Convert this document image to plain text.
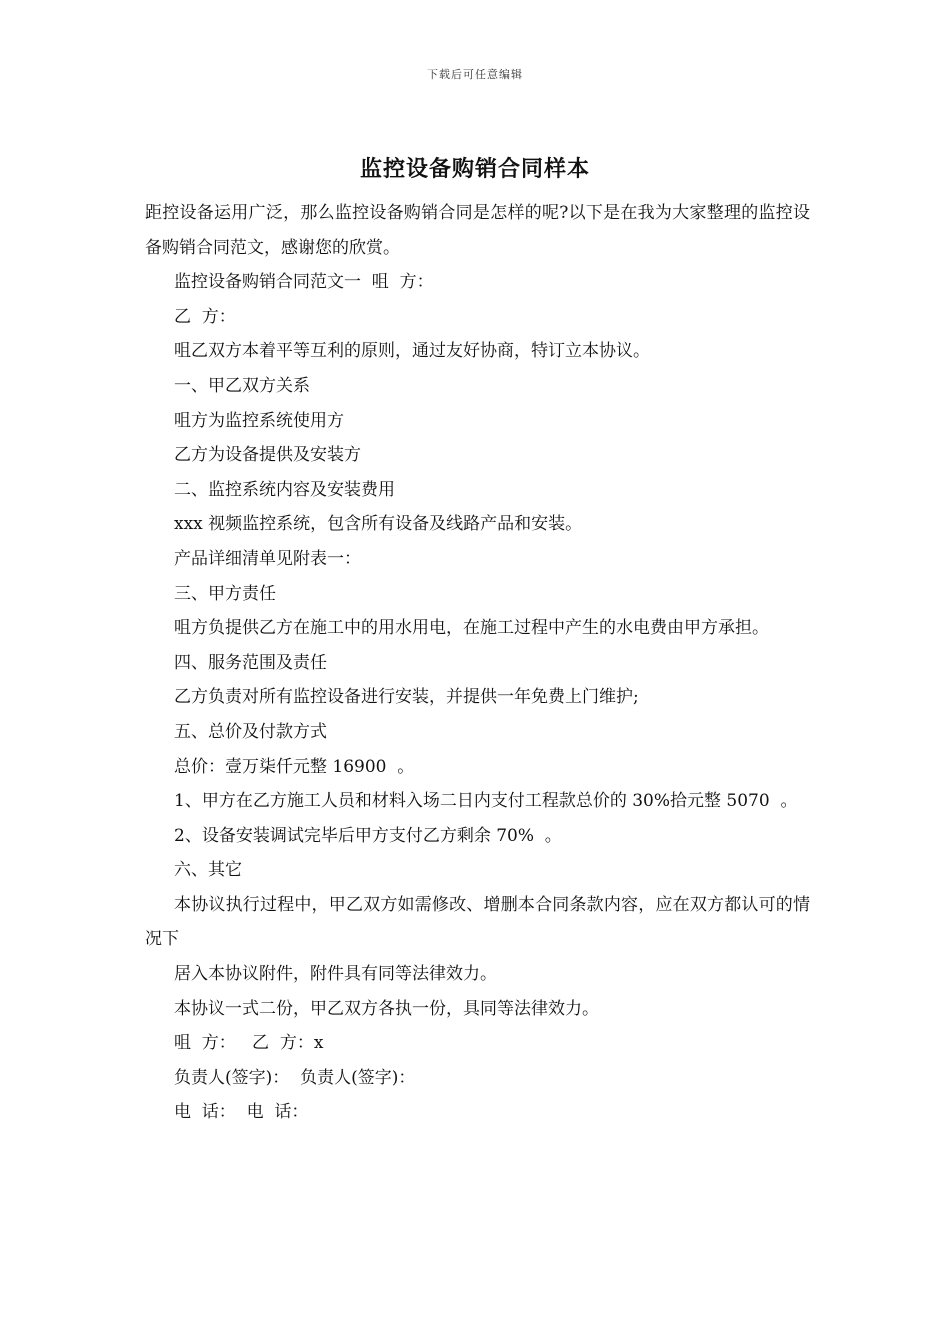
下载后可任意编辑
监控设备购销合同样本

距控设备运用广泛，那么监控设备购销合同是怎样的呢?以下是在我为大家整理的监控设备购销合同范文，感谢您的欣赏。

监控设备购销合同范文一  咀  方：

乙  方：

咀乙双方本着平等互利的原则，通过友好协商，特订立本协议。

一、甲乙双方关系

咀方为监控系统使用方

乙方为设备提供及安装方

二、监控系统内容及安装费用

xxx 视频监控系统，包含所有设备及线路产品和安装。

产品详细清单见附表一：

三、甲方责任

咀方负提供乙方在施工中的用水用电，在施工过程中产生的水电费由甲方承担。

四、服务范围及责任

乙方负责对所有监控设备进行安装，并提供一年免费上门维护;

五、总价及付款方式

总价：壹万柒仟元整 16900  。

1、甲方在乙方施工人员和材料入场二日内支付工程款总价的 30%拾元整 5070  。

2、设备安装调试完毕后甲方支付乙方剩余 70%  。

六、其它

本协议执行过程中，甲乙双方如需修改、增删本合同条款内容，应在双方都认可的情况下

居入本协议附件，附件具有同等法律效力。

本协议一式二份，甲乙双方各执一份，具同等法律效力。

咀  方：   乙  方：x

负责人(签字)：  负责人(签字)：

电  话：  电  话：
